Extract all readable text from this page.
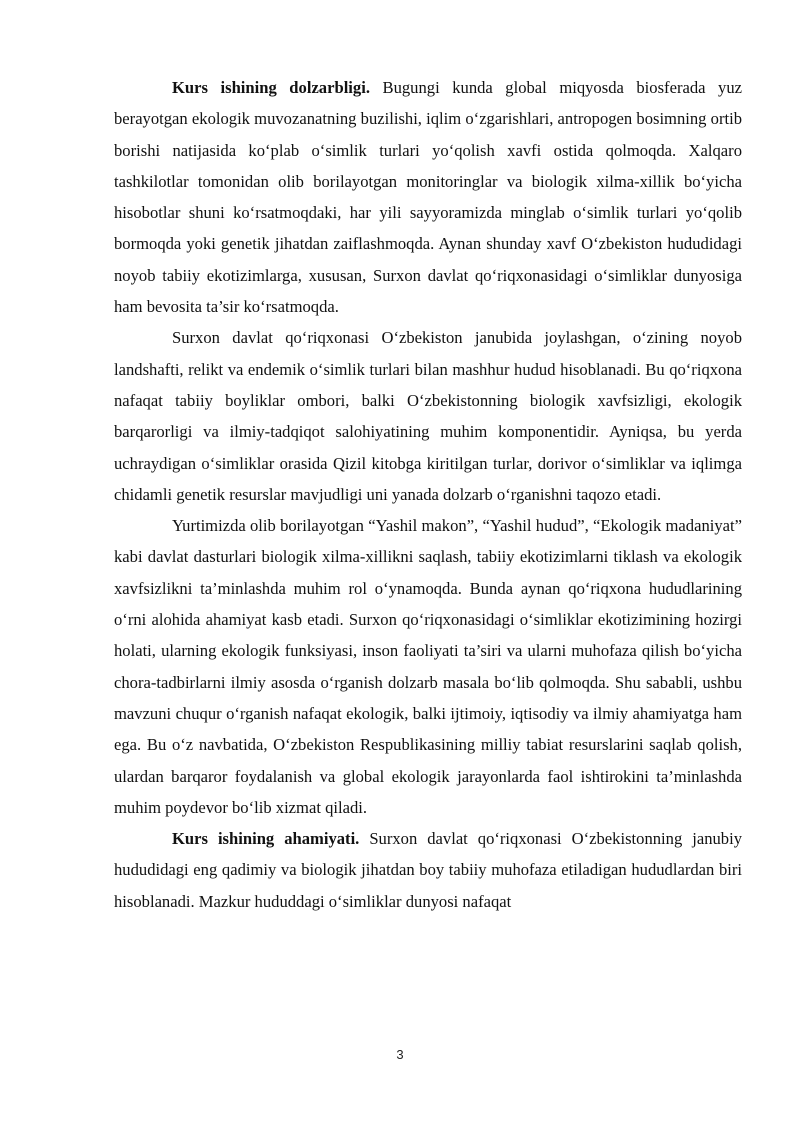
Kurs ishining dolzarbligi. Bugungi kunda global miqyosda biosferada yuz berayotgan ekologik muvozanatning buzilishi, iqlim o‘zgarishlari, antropogen bosimning ortib borishi natijasida ko‘plab o‘simlik turlari yo‘qolish xavfi ostida qolmoqda. Xalqaro tashkilotlar tomonidan olib borilayotgan monitoringlar va biologik xilma-xillik bo‘yicha hisobotlar shuni ko‘rsatmoqdaki, har yili sayyoramizda minglab o‘simlik turlari yo‘qolib bormoqda yoki genetik jihatdan zaiflashmoqda. Aynan shunday xavf O‘zbekiston hududidagi noyob tabiiy ekotizimlarga, xususan, Surxon davlat qo‘riqxonasidagi o‘simliklar dunyosiga ham bevosita ta’sir ko‘rsatmoqda.

Surxon davlat qo‘riqxonasi O‘zbekiston janubida joylashgan, o‘zining noyob landshafti, relikt va endemik o‘simlik turlari bilan mashhur hudud hisoblanadi. Bu qo‘riqxona nafaqat tabiiy boyliklar ombori, balki O‘zbekistonning biologik xavfsizligi, ekologik barqarorligi va ilmiy-tadqiqot salohiyatining muhim komponentidir. Ayniqsa, bu yerda uchraydigan o‘simliklar orasida Qizil kitobga kiritilgan turlar, dorivor o‘simliklar va iqlimga chidamli genetik resurslar mavjudligi uni yanada dolzarb o‘rganishni taqozo etadi.

Yurtimizda olib borilayotgan “Yashil makon”, “Yashil hudud”, “Ekologik madaniyat” kabi davlat dasturlari biologik xilma-xillikni saqlash, tabiiy ekotizimlarni tiklash va ekologik xavfsizlikni ta’minlashda muhim rol o‘ynamoqda. Bunda aynan qo‘riqxona hududlarining o‘rni alohida ahamiyat kasb etadi. Surxon qo‘riqxonasidagi o‘simliklar ekotizimining hozirgi holati, ularning ekologik funksiyasi, inson faoliyati ta’siri va ularni muhofaza qilish bo‘yicha chora-tadbirlarni ilmiy asosda o‘rganish dolzarb masala bo‘lib qolmoqda. Shu sababli, ushbu mavzuni chuqur o‘rganish nafaqat ekologik, balki ijtimoiy, iqtisodiy va ilmiy ahamiyatga ham ega. Bu o‘z navbatida, O‘zbekiston Respublikasining milliy tabiat resurslarini saqlab qolish, ulardan barqaror foydalanish va global ekologik jarayonlarda faol ishtirokini ta’minlashda muhim poydevor bo‘lib xizmat qiladi.

Kurs ishining ahamiyati. Surxon davlat qo‘riqxonasi O‘zbekistonning janubiy hududidagi eng qadimiy va biologik jihatdan boy tabiiy muhofaza etiladigan hududlardan biri hisoblanadi. Mazkur hududdagi o‘simliklar dunyosi nafaqat

3
